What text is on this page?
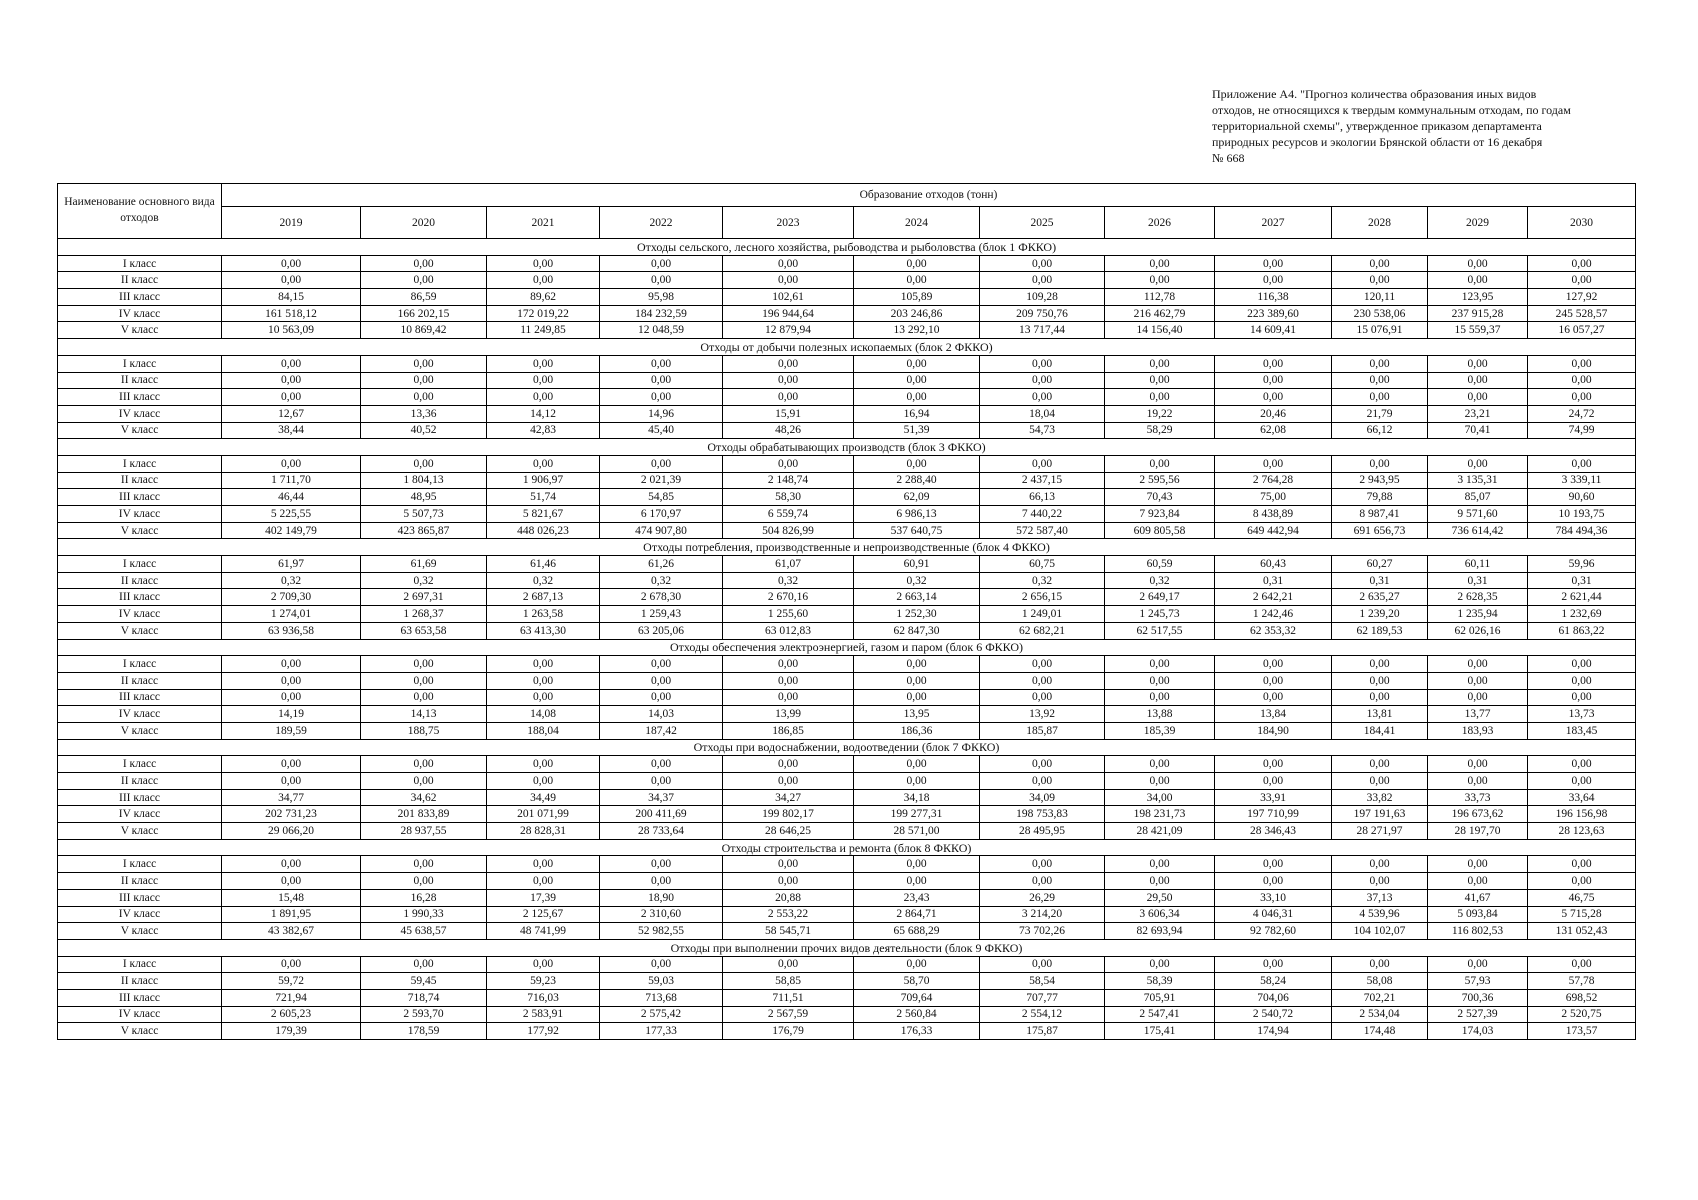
Приложение А4. "Прогноз количества образования иных видов
отходов, не относящихся к твердым коммунальным отходам, по годам
территориальной схемы", утвержденное приказом департамента
природных ресурсов и экологии Брянской области от 16 декабря
№ 668
Наименование основного вида отходов	Образование отходов (тонн)											
	2019	2020	2021	2022	2023	2024	2025	2026	2027	2028	2029	2030
Отходы сельского, лесного хозяйства, рыбоводства и рыболовства (блок 1 ФККО)												
I класс	0,00	0,00	0,00	0,00	0,00	0,00	0,00	0,00	0,00	0,00	0,00	0,00
II класс	0,00	0,00	0,00	0,00	0,00	0,00	0,00	0,00	0,00	0,00	0,00	0,00
III класс	84,15	86,59	89,62	95,98	102,61	105,89	109,28	112,78	116,38	120,11	123,95	127,92
IV класс	161 518,12	166 202,15	172 019,22	184 232,59	196 944,64	203 246,86	209 750,76	216 462,79	223 389,60	230 538,06	237 915,28	245 528,57
V класс	10 563,09	10 869,42	11 249,85	12 048,59	12 879,94	13 292,10	13 717,44	14 156,40	14 609,41	15 076,91	15 559,37	16 057,27
Отходы от добычи полезных ископаемых (блок 2 ФККО)												
I класс	0,00	0,00	0,00	0,00	0,00	0,00	0,00	0,00	0,00	0,00	0,00	0,00
II класс	0,00	0,00	0,00	0,00	0,00	0,00	0,00	0,00	0,00	0,00	0,00	0,00
III класс	0,00	0,00	0,00	0,00	0,00	0,00	0,00	0,00	0,00	0,00	0,00	0,00
IV класс	12,67	13,36	14,12	14,96	15,91	16,94	18,04	19,22	20,46	21,79	23,21	24,72
V класс	38,44	40,52	42,83	45,40	48,26	51,39	54,73	58,29	62,08	66,12	70,41	74,99
Отходы обрабатывающих производств (блок 3 ФККО)												
I класс	0,00	0,00	0,00	0,00	0,00	0,00	0,00	0,00	0,00	0,00	0,00	0,00
II класс	1 711,70	1 804,13	1 906,97	2 021,39	2 148,74	2 288,40	2 437,15	2 595,56	2 764,28	2 943,95	3 135,31	3 339,11
III класс	46,44	48,95	51,74	54,85	58,30	62,09	66,13	70,43	75,00	79,88	85,07	90,60
IV класс	5 225,55	5 507,73	5 821,67	6 170,97	6 559,74	6 986,13	7 440,22	7 923,84	8 438,89	8 987,41	9 571,60	10 193,75
V класс	402 149,79	423 865,87	448 026,23	474 907,80	504 826,99	537 640,75	572 587,40	609 805,58	649 442,94	691 656,73	736 614,42	784 494,36
Отходы потребления, производственные и непроизводственные (блок 4 ФККО)												
I класс	61,97	61,69	61,46	61,26	61,07	60,91	60,75	60,59	60,43	60,27	60,11	59,96
II класс	0,32	0,32	0,32	0,32	0,32	0,32	0,32	0,32	0,31	0,31	0,31	0,31
III класс	2 709,30	2 697,31	2 687,13	2 678,30	2 670,16	2 663,14	2 656,15	2 649,17	2 642,21	2 635,27	2 628,35	2 621,44
IV класс	1 274,01	1 268,37	1 263,58	1 259,43	1 255,60	1 252,30	1 249,01	1 245,73	1 242,46	1 239,20	1 235,94	1 232,69
V класс	63 936,58	63 653,58	63 413,30	63 205,06	63 012,83	62 847,30	62 682,21	62 517,55	62 353,32	62 189,53	62 026,16	61 863,22
Отходы обеспечения электроэнергией, газом и паром (блок 6 ФККО)												
I класс	0,00	0,00	0,00	0,00	0,00	0,00	0,00	0,00	0,00	0,00	0,00	0,00
II класс	0,00	0,00	0,00	0,00	0,00	0,00	0,00	0,00	0,00	0,00	0,00	0,00
III класс	0,00	0,00	0,00	0,00	0,00	0,00	0,00	0,00	0,00	0,00	0,00	0,00
IV класс	14,19	14,13	14,08	14,03	13,99	13,95	13,92	13,88	13,84	13,81	13,77	13,73
V класс	189,59	188,75	188,04	187,42	186,85	186,36	185,87	185,39	184,90	184,41	183,93	183,45
Отходы при водоснабжении, водоотведении (блок 7 ФККО)												
I класс	0,00	0,00	0,00	0,00	0,00	0,00	0,00	0,00	0,00	0,00	0,00	0,00
II класс	0,00	0,00	0,00	0,00	0,00	0,00	0,00	0,00	0,00	0,00	0,00	0,00
III класс	34,77	34,62	34,49	34,37	34,27	34,18	34,09	34,00	33,91	33,82	33,73	33,64
IV класс	202 731,23	201 833,89	201 071,99	200 411,69	199 802,17	199 277,31	198 753,83	198 231,73	197 710,99	197 191,63	196 673,62	196 156,98
V класс	29 066,20	28 937,55	28 828,31	28 733,64	28 646,25	28 571,00	28 495,95	28 421,09	28 346,43	28 271,97	28 197,70	28 123,63
Отходы строительства и ремонта (блок 8 ФККО)												
I класс	0,00	0,00	0,00	0,00	0,00	0,00	0,00	0,00	0,00	0,00	0,00	0,00
II класс	0,00	0,00	0,00	0,00	0,00	0,00	0,00	0,00	0,00	0,00	0,00	0,00
III класс	15,48	16,28	17,39	18,90	20,88	23,43	26,29	29,50	33,10	37,13	41,67	46,75
IV класс	1 891,95	1 990,33	2 125,67	2 310,60	2 553,22	2 864,71	3 214,20	3 606,34	4 046,31	4 539,96	5 093,84	5 715,28
V класс	43 382,67	45 638,57	48 741,99	52 982,55	58 545,71	65 688,29	73 702,26	82 693,94	92 782,60	104 102,07	116 802,53	131 052,43
Отходы при выполнении прочих видов деятельности (блок 9 ФККО)												
I класс	0,00	0,00	0,00	0,00	0,00	0,00	0,00	0,00	0,00	0,00	0,00	0,00
II класс	59,72	59,45	59,23	59,03	58,85	58,70	58,54	58,39	58,24	58,08	57,93	57,78
III класс	721,94	718,74	716,03	713,68	711,51	709,64	707,77	705,91	704,06	702,21	700,36	698,52
IV класс	2 605,23	2 593,70	2 583,91	2 575,42	2 567,59	2 560,84	2 554,12	2 547,41	2 540,72	2 534,04	2 527,39	2 520,75
V класс	179,39	178,59	177,92	177,33	176,79	176,33	175,87	175,41	174,94	174,48	174,03	173,57
